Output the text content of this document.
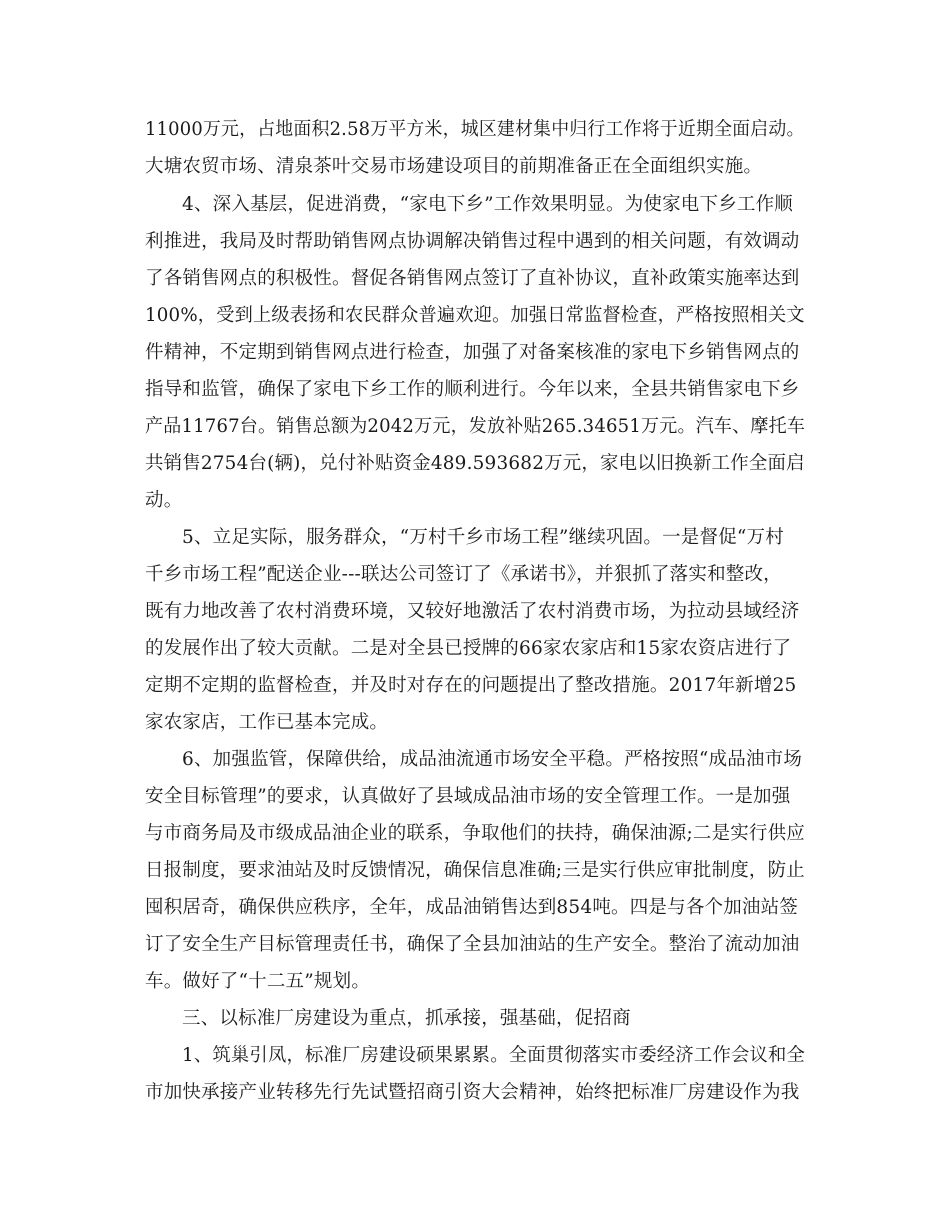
11000万元，占地面积2.58万平方米，城区建材集中归行工作将于近期全面启动。
大塘农贸市场、清泉茶叶交易市场建设项目的前期准备正在全面组织实施。
4、深入基层，促进消费，“家电下乡”工作效果明显。为使家电下乡工作顺
利推进，我局及时帮助销售网点协调解决销售过程中遇到的相关问题，有效调动
了各销售网点的积极性。督促各销售网点签订了直补协议，直补政策实施率达到
100%，受到上级表扬和农民群众普遍欢迎。加强日常监督检查，严格按照相关文
件精神，不定期到销售网点进行检查，加强了对备案核准的家电下乡销售网点的
指导和监管，确保了家电下乡工作的顺利进行。今年以来，全县共销售家电下乡
产品11767台。销售总额为2042万元，发放补贴265.34651万元。汽车、摩托车
共销售2754台(辆)，兑付补贴资金489.593682万元，家电以旧换新工作全面启
动。
5、立足实际，服务群众，“万村千乡市场工程”继续巩固。一是督促“万村
千乡市场工程”配送企业---联达公司签订了《承诺书》，并狠抓了落实和整改，
既有力地改善了农村消费环境，又较好地激活了农村消费市场，为拉动县域经济
的发展作出了较大贡献。二是对全县已授牌的66家农家店和15家农资店进行了
定期不定期的监督检查，并及时对存在的问题提出了整改措施。2017年新增25
家农家店，工作已基本完成。
6、加强监管，保障供给，成品油流通市场安全平稳。严格按照“成品油市场
安全目标管理”的要求，认真做好了县域成品油市场的安全管理工作。一是加强
与市商务局及市级成品油企业的联系，争取他们的扶持，确保油源;二是实行供应
日报制度，要求油站及时反馈情况，确保信息准确;三是实行供应审批制度，防止
囤积居奇，确保供应秩序，全年，成品油销售达到854吨。四是与各个加油站签
订了安全生产目标管理责任书，确保了全县加油站的生产安全。整治了流动加油
车。做好了“十二五”规划。
三、以标准厂房建设为重点，抓承接，强基础，促招商
1、筑巢引凤，标准厂房建设硕果累累。全面贯彻落实市委经济工作会议和全
市加快承接产业转移先行先试暨招商引资大会精神，始终把标准厂房建设作为我
